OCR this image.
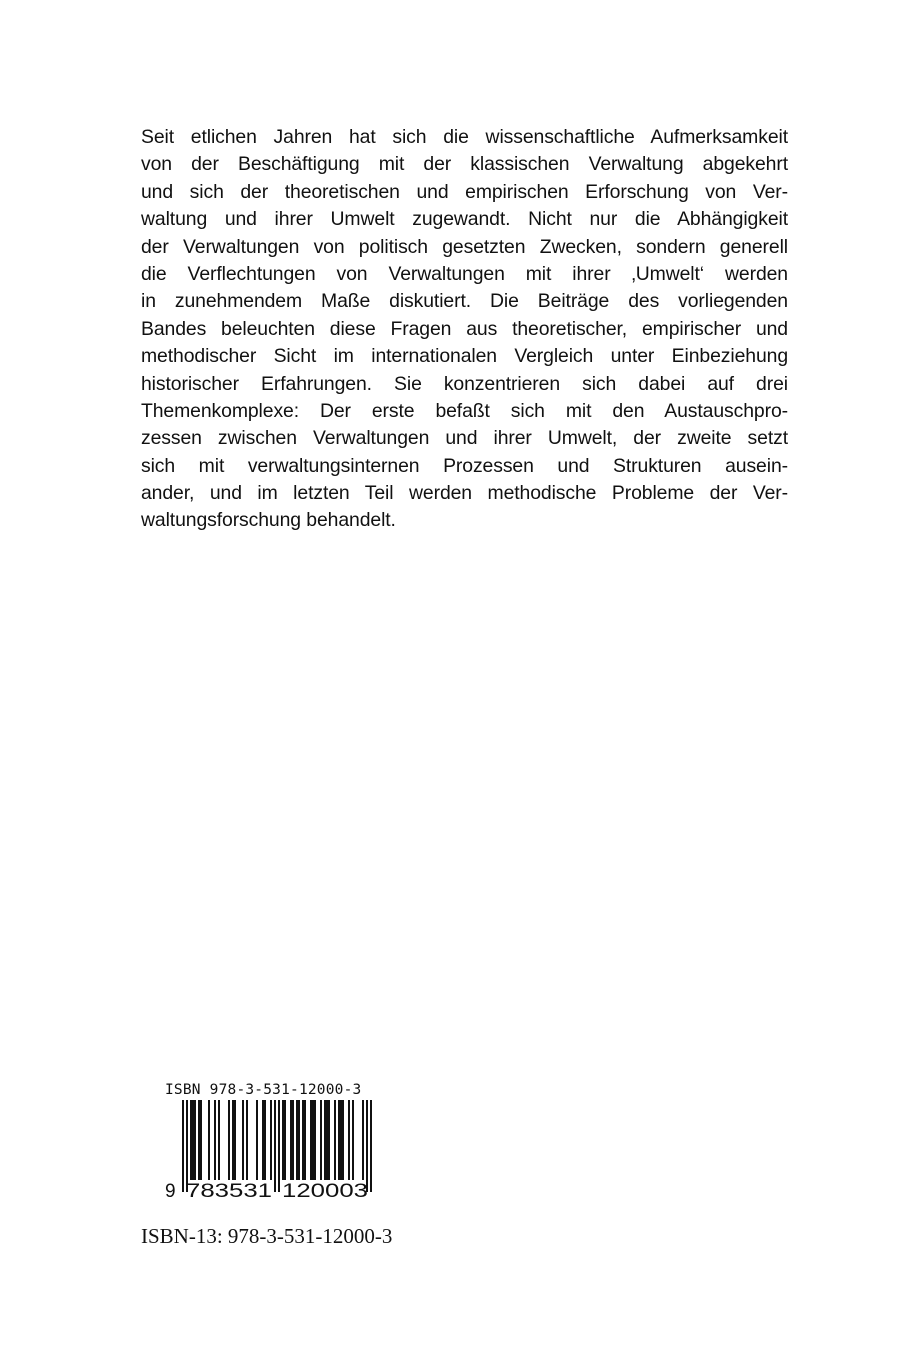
Seit etlichen Jahren hat sich die wissenschaftliche Aufmerksamkeit
von der Beschäftigung mit der klassischen Verwaltung abgekehrt
und sich der theoretischen und empirischen Erforschung von Ver-
waltung und ihrer Umwelt zugewandt. Nicht nur die Abhängigkeit
der Verwaltungen von politisch gesetzten Zwecken, sondern generell
die Verflechtungen von Verwaltungen mit ihrer ‚Umwelt‘ werden
in zunehmendem Maße diskutiert. Die Beiträge des vorliegenden
Bandes beleuchten diese Fragen aus theoretischer, empirischer und
methodischer Sicht im internationalen Vergleich unter Einbeziehung
historischer Erfahrungen. Sie konzentrieren sich dabei auf drei
Themenkomplexe: Der erste befaßt sich mit den Austauschpro-
zessen zwischen Verwaltungen und ihrer Umwelt, der zweite setzt
sich mit verwaltungsinternen Prozessen und Strukturen ausein-
ander, und im letzten Teil werden methodische Probleme der Ver-
waltungsforschung behandelt.
ISBN 978-3-531-12000-3
9 783531 120003
ISBN-13: 978-3-531-12000-3
